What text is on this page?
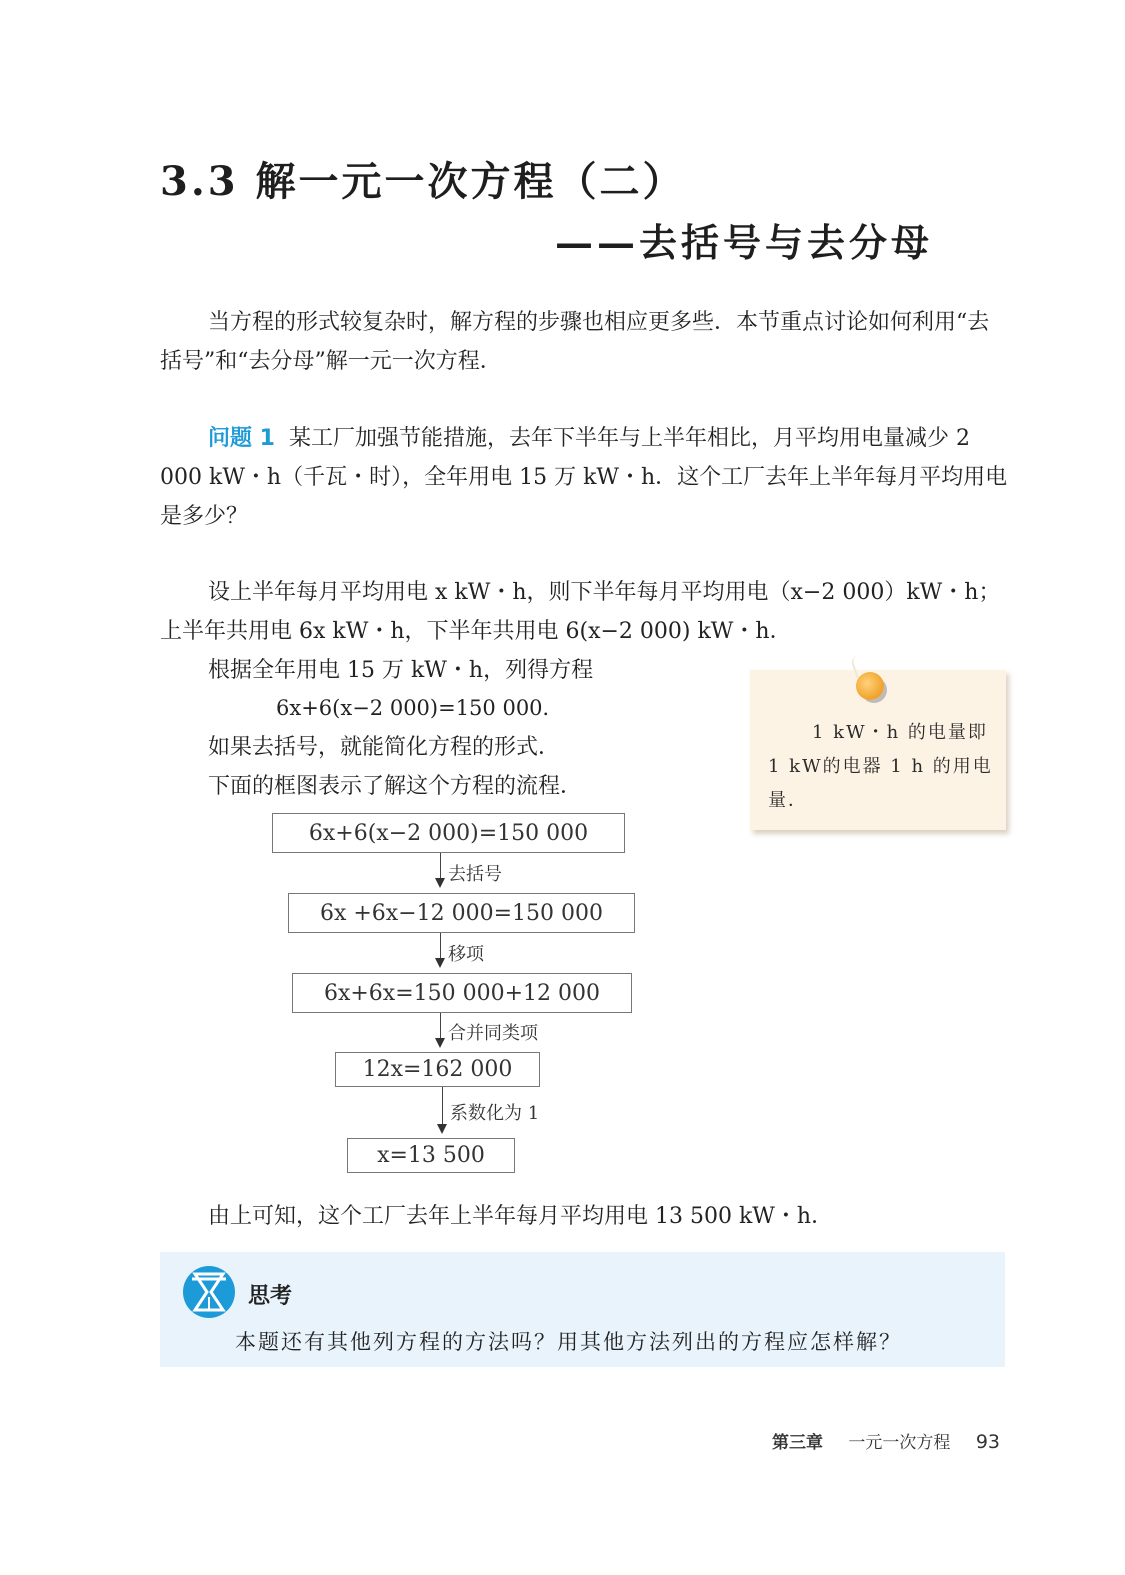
3.3 解一元一次方程（二）
——去括号与去分母
当方程的形式较复杂时，解方程的步骤也相应更多些．本节重点讨论如何利用“去括号”和“去分母”解一元一次方程．
问题 1 某工厂加强节能措施，去年下半年与上半年相比，月平均用电量减少 2 000 kW・h（千瓦・时），全年用电 15 万 kW・h．这个工厂去年上半年每月平均用电是多少？
设上半年每月平均用电 x kW・h，则下半年每月平均用电（x−2 000）kW・h；上半年共用电 6x kW・h，下半年共用电 6(x−2 000) kW・h．
根据全年用电 15 万 kW・h，列得方程
6x+6(x−2 000)=150 000．
如果去括号，就能简化方程的形式．
下面的框图表示了解这个方程的流程．
1 kW・h 的电量即1 kW的电器 1 h 的用电量．
6x+6(x−2 000)=150 000
去括号
6x +6x−12 000=150 000
移项
6x+6x=150 000+12 000
合并同类项
12x=162 000
系数化为 1
x=13 500
由上可知，这个工厂去年上半年每月平均用电 13 500 kW・h．
思考
本题还有其他列方程的方法吗？用其他方法列出的方程应怎样解？
第三章 一元一次方程 93
